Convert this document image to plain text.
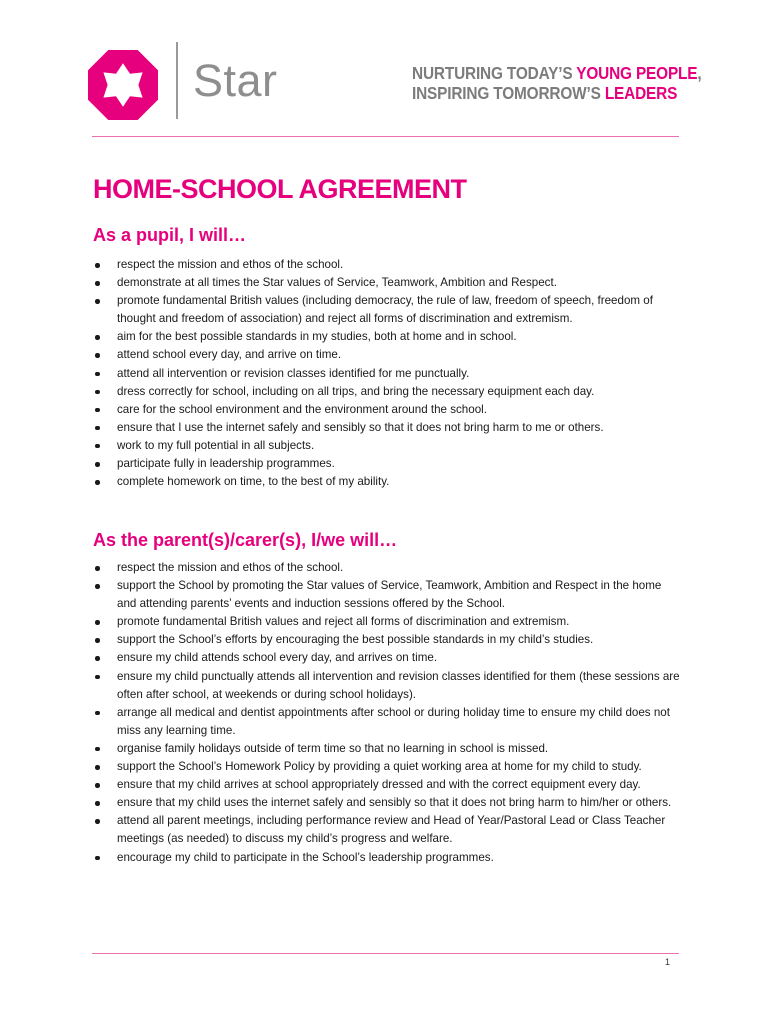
Star	NURTURING TODAY’S YOUNG PEOPLE,
INSPIRING TOMORROW’S LEADERS
HOME-SCHOOL AGREEMENT
As a pupil, I will…
respect the mission and ethos of the school.
demonstrate at all times the Star values of Service, Teamwork, Ambition and Respect.
promote fundamental British values (including democracy, the rule of law, freedom of speech, freedom of thought and freedom of association) and reject all forms of discrimination and extremism.
aim for the best possible standards in my studies, both at home and in school.
attend school every day, and arrive on time.
attend all intervention or revision classes identified for me punctually.
dress correctly for school, including on all trips, and bring the necessary equipment each day.
care for the school environment and the environment around the school.
ensure that I use the internet safely and sensibly so that it does not bring harm to me or others.
work to my full potential in all subjects.
participate fully in leadership programmes.
complete homework on time, to the best of my ability.
As the parent(s)/carer(s), I/we will…
respect the mission and ethos of the school.
support the School by promoting the Star values of Service, Teamwork, Ambition and Respect in the home and attending parents’ events and induction sessions offered by the School.
promote fundamental British values and reject all forms of discrimination and extremism.
support the School’s efforts by encouraging the best possible standards in my child’s studies.
ensure my child attends school every day, and arrives on time.
ensure my child punctually attends all intervention and revision classes identified for them (these sessions are often after school, at weekends or during school holidays).
arrange all medical and dentist appointments after school or during holiday time to ensure my child does not miss any learning time.
organise family holidays outside of term time so that no learning in school is missed.
support the School’s Homework Policy by providing a quiet working area at home for my child to study.
ensure that my child arrives at school appropriately dressed and with the correct equipment every day.
ensure that my child uses the internet safely and sensibly so that it does not bring harm to him/her or others.
attend all parent meetings, including performance review and Head of Year/Pastoral Lead or Class Teacher meetings (as needed) to discuss my child’s progress and welfare.
encourage my child to participate in the School’s leadership programmes.
1
